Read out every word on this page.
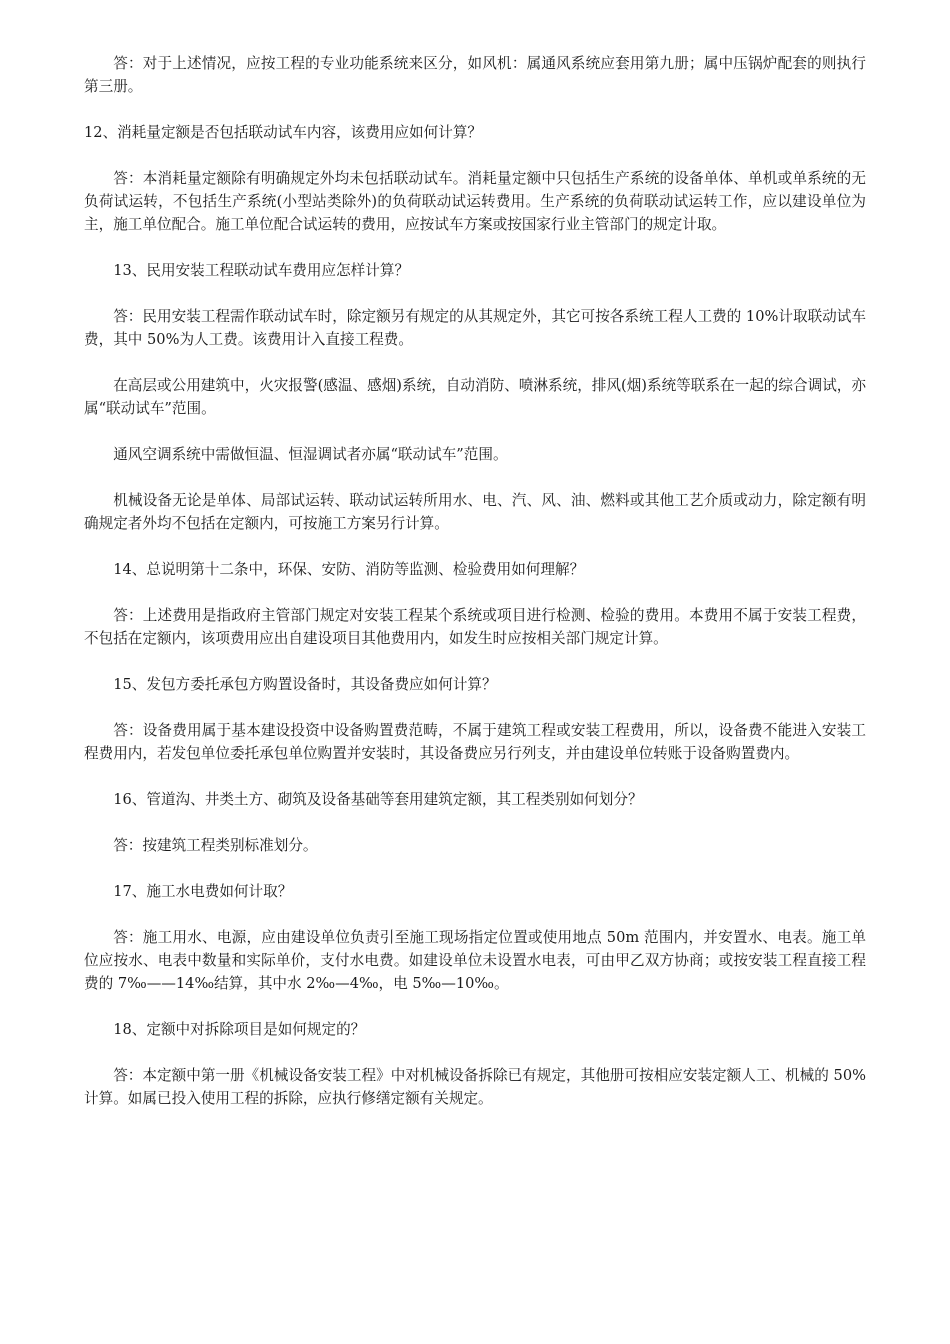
答：对于上述情况，应按工程的专业功能系统来区分，如风机：属通风系统应套用第九册；属中压锅炉配套的则执行第三册。

12、消耗量定额是否包括联动试车内容，该费用应如何计算？

答：本消耗量定额除有明确规定外均未包括联动试车。消耗量定额中只包括生产系统的设备单体、单机或单系统的无负荷试运转，不包括生产系统(小型站类除外)的负荷联动试运转费用。生产系统的负荷联动试运转工作，应以建设单位为主，施工单位配合。施工单位配合试运转的费用，应按试车方案或按国家行业主管部门的规定计取。

13、民用安装工程联动试车费用应怎样计算？

答：民用安装工程需作联动试车时，除定额另有规定的从其规定外，其它可按各系统工程人工费的 10%计取联动试车费，其中 50%为人工费。该费用计入直接工程费。

在高层或公用建筑中，火灾报警(感温、感烟)系统，自动消防、喷淋系统，排风(烟)系统等联系在一起的综合调试，亦属“联动试车”范围。

通风空调系统中需做恒温、恒湿调试者亦属“联动试车”范围。

机械设备无论是单体、局部试运转、联动试运转所用水、电、汽、风、油、燃料或其他工艺介质或动力，除定额有明确规定者外均不包括在定额内，可按施工方案另行计算。

14、总说明第十二条中，环保、安防、消防等监测、检验费用如何理解？

答：上述费用是指政府主管部门规定对安装工程某个系统或项目进行检测、检验的费用。本费用不属于安装工程费，不包括在定额内，该项费用应出自建设项目其他费用内，如发生时应按相关部门规定计算。

15、发包方委托承包方购置设备时，其设备费应如何计算？

答：设备费用属于基本建设投资中设备购置费范畴，不属于建筑工程或安装工程费用，所以，设备费不能进入安装工程费用内，若发包单位委托承包单位购置并安装时，其设备费应另行列支，并由建设单位转账于设备购置费内。

16、管道沟、井类土方、砌筑及设备基础等套用建筑定额，其工程类别如何划分？

答：按建筑工程类别标准划分。

17、施工水电费如何计取？

答：施工用水、电源，应由建设单位负责引至施工现场指定位置或使用地点 50m 范围内，并安置水、电表。施工单位应按水、电表中数量和实际单价，支付水电费。如建设单位未设置水电表，可由甲乙双方协商；或按安装工程直接工程费的 7‰——14‰结算，其中水 2‰—4‰，电 5‰—10‰。

18、定额中对拆除项目是如何规定的？

答：本定额中第一册《机械设备安装工程》中对机械设备拆除已有规定，其他册可按相应安装定额人工、机械的 50%计算。如属已投入使用工程的拆除，应执行修缮定额有关规定。
